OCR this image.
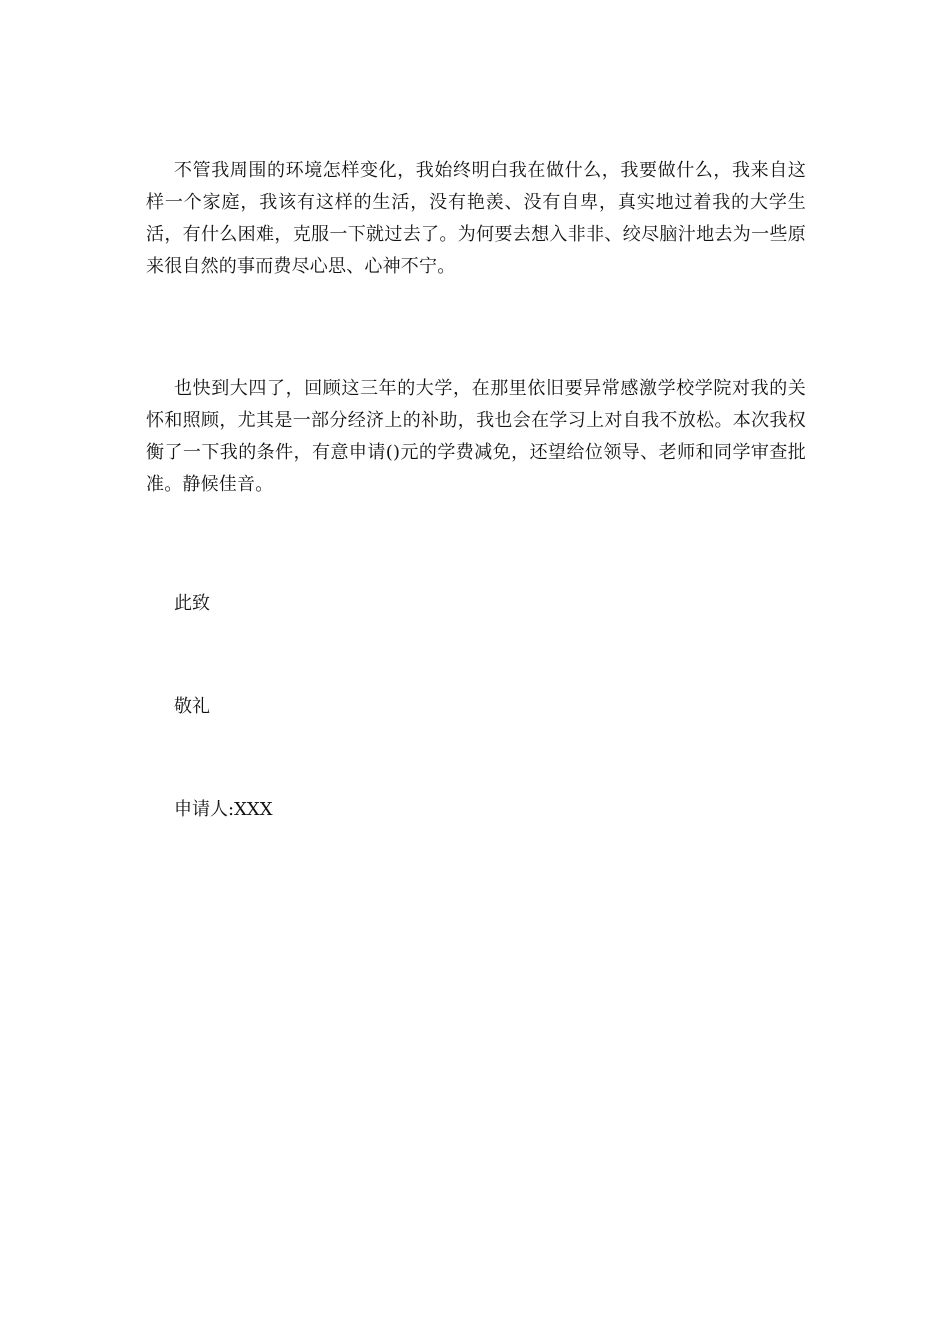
不管我周围的环境怎样变化，我始终明白我在做什么，我要做什么，我来自这样一个家庭，我该有这样的生活，没有艳羡、没有自卑，真实地过着我的大学生活，有什么困难，克服一下就过去了。为何要去想入非非、绞尽脑汁地去为一些原来很自然的事而费尽心思、心神不宁。

也快到大四了，回顾这三年的大学，在那里依旧要异常感激学校学院对我的关怀和照顾，尤其是一部分经济上的补助，我也会在学习上对自我不放松。本次我权衡了一下我的条件，有意申请()元的学费减免，还望给位领导、老师和同学审查批准。静候佳音。

此致

敬礼

申请人:XXX
